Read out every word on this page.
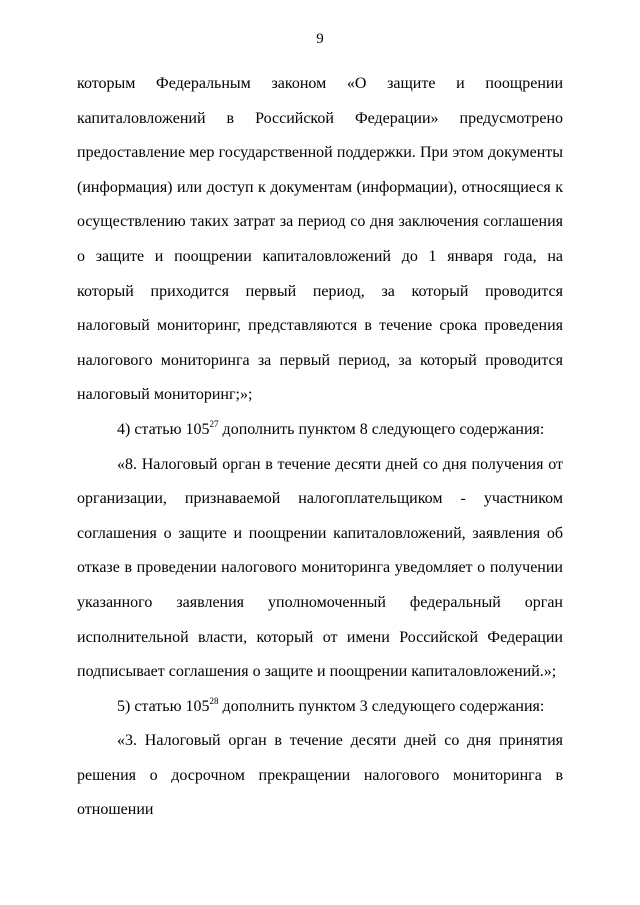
9

которым Федеральным законом «О защите и поощрении капиталовложений в Российской Федерации» предусмотрено предоставление мер государственной поддержки. При этом документы (информация) или доступ к документам (информации), относящиеся к осуществлению таких затрат за период со дня заключения соглашения о защите и поощрении капиталовложений до 1 января года, на который приходится первый период, за который проводится налоговый мониторинг, представляются в течение срока проведения налогового мониторинга за первый период, за который проводится налоговый мониторинг;»;

4) статью $105^{27}$ дополнить пунктом 8 следующего содержания:

«8. Налоговый орган в течение десяти дней со дня получения от организации, признаваемой налогоплательщиком - участником соглашения о защите и поощрении капиталовложений, заявления об отказе в проведении налогового мониторинга уведомляет о получении указанного заявления уполномоченный федеральный орган исполнительной власти, который от имени Российской Федерации подписывает соглашения о защите и поощрении капиталовложений.»;

5) статью $105^{28}$ дополнить пунктом 3 следующего содержания:

«3. Налоговый орган в течение десяти дней со дня принятия решения о досрочном прекращении налогового мониторинга в отношении
